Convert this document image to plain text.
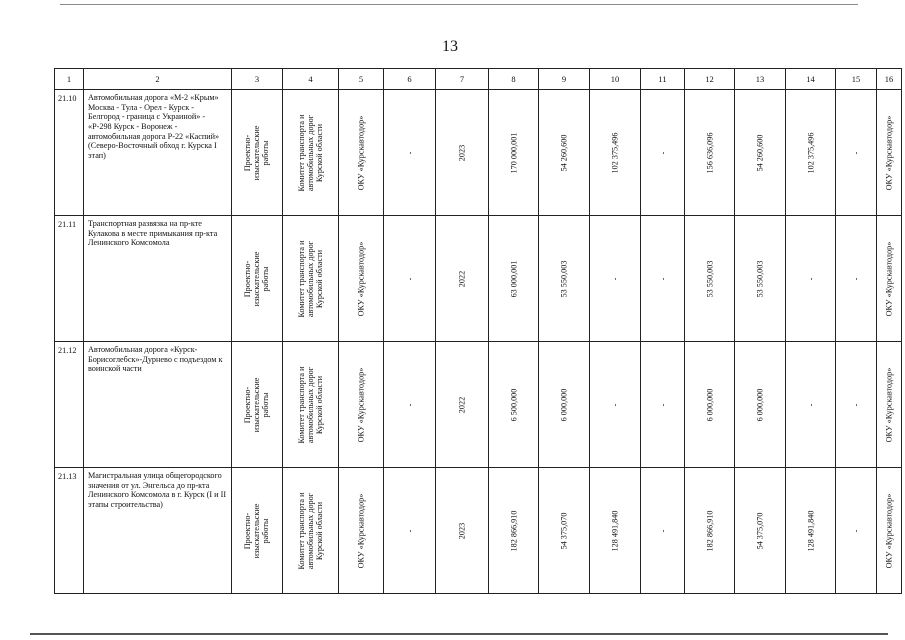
13
1	2	3	4	5	6	7	8	9	10	11	12	13	14	15	16
21.10	Автомобильная дорога «М-2 «Крым» Москва - Тула - Орел - Курск - Белгород - граница с Украиной» - «Р-298 Курск - Воронеж - автомобильная дорога Р-22 «Каспий» (Северо-Восточный обход г. Курска I этап)	Проектно-изыскательские работы	Комитет транспорта и автомобильных дорог Курской области	ОКУ «Курскавтодор»	-	2023	170 000,001	54 260,600	102 375,496	-	156 636,096	54 260,600	102 375,496	-	ОКУ «Курскавтодор»

21.11	Транспортная развязка на пр-кте Кулакова в месте примыкания пр-кта Ленинского Комсомола	Проектно-изыскательские работы	Комитет транспорта и автомобильных дорог Курской области	ОКУ «Курскавтодор»	-	2022	63 000,001	53 550,003	-	-	53 550,003	53 550,003	-	-	ОКУ «Курскавтодор»

21.12	Автомобильная дорога «Курск-Борисоглебск»-Дурнево с подъездом к воинской части	Проектно-изыскательские работы	Комитет транспорта и автомобильных дорог Курской области	ОКУ «Курскавтодор»	-	2022	6 500,000	6 000,000	-	-	6 000,000	6 000,000	-	-	ОКУ «Курскавтодор»

21.13	Магистральная улица общегородского значения от ул. Энгельса до пр-кта Ленинского Комсомола в г. Курск (I и II этапы строительства)	Проектно-изыскательские работы	Комитет транспорта и автомобильных дорог Курской области	ОКУ «Курскавтодор»	-	2023	182 866,910	54 375,070	128 491,840	-	182 866,910	54 375,070	128 491,840	-	ОКУ «Курскавтодор»
